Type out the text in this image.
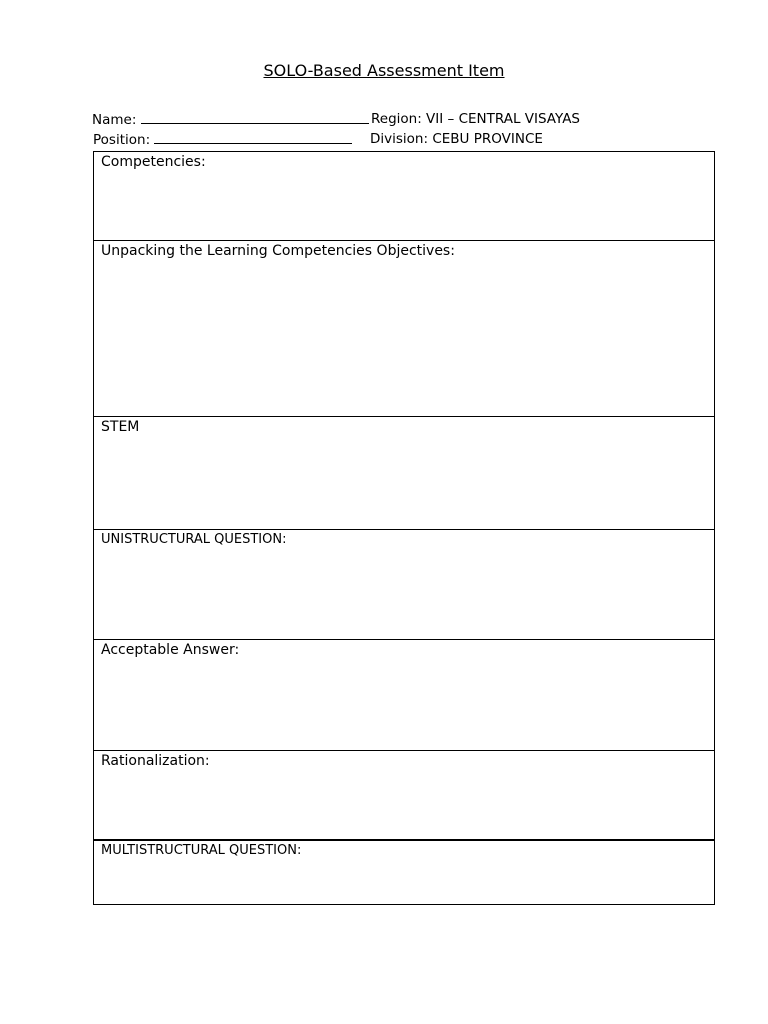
SOLO-Based Assessment Item
Name:	Region: VII – CENTRAL VISAYAS
Position:	Division: CEBU PROVINCE
Competencies:
Unpacking the Learning Competencies Objectives:
STEM
UNISTRUCTURAL QUESTION:
Acceptable Answer:
Rationalization:
MULTISTRUCTURAL QUESTION:
